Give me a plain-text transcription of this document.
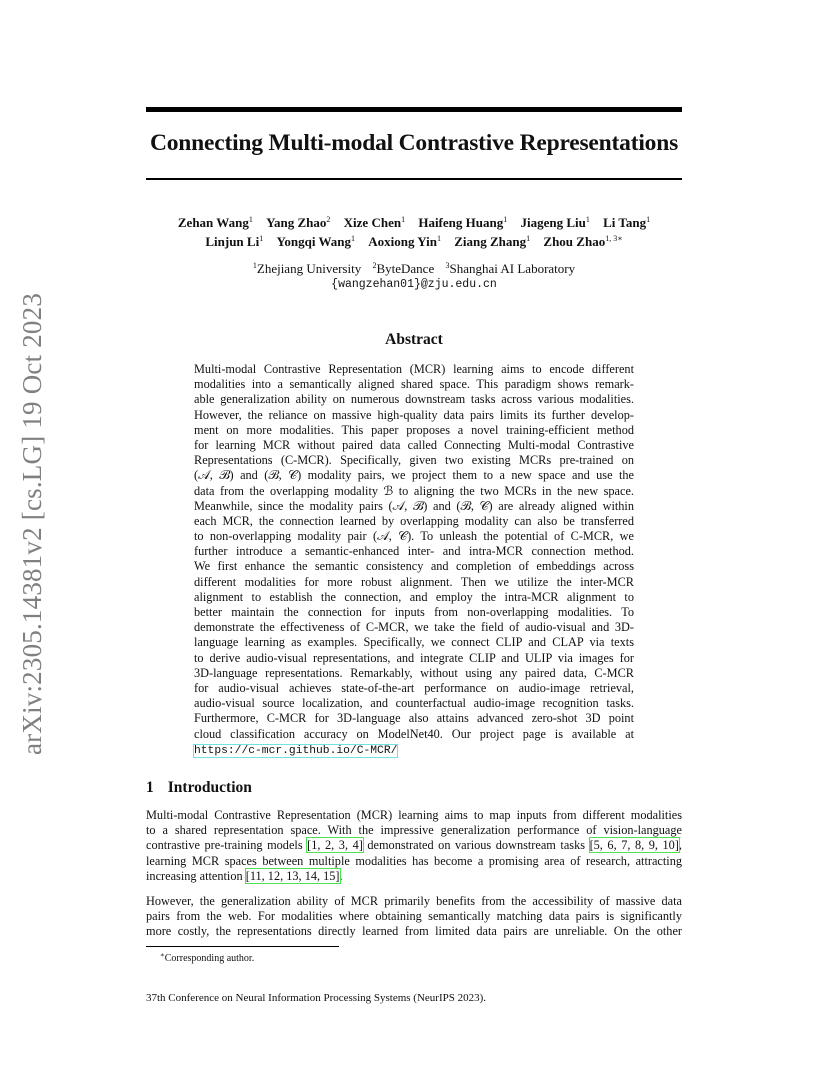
arXiv:2305.14381v2 [cs.LG] 19 Oct 2023
Connecting Multi-modal Contrastive Representations
Zehan Wang$^1$ Yang Zhao$^2$ Xize Chen$^1$ Haifeng Huang$^1$ Jiageng Liu$^1$ Li Tang$^1$
Linjun Li$^1$ Yongqi Wang$^1$ Aoxiong Yin$^1$ Ziang Zhang$^1$ Zhou Zhao$^{1, 3∗}$
$^1$Zhejiang University $^2$ByteDance $^3$Shanghai AI Laboratory
{wangzehan01}@zju.edu.cn
Abstract
Multi-modal Contrastive Representation (MCR) learning aims to encode different
modalities into a semantically aligned shared space. This paradigm shows remark-
able generalization ability on numerous downstream tasks across various modalities.
However, the reliance on massive high-quality data pairs limits its further develop-
ment on more modalities. This paper proposes a novel training-efficient method
for learning MCR without paired data called Connecting Multi-modal Contrastive
Representations (C-MCR). Specifically, given two existing MCRs pre-trained on
(𝒜, ℬ) and (ℬ, 𝒞) modality pairs, we project them to a new space and use the
data from the overlapping modality ℬ to aligning the two MCRs in the new space.
Meanwhile, since the modality pairs (𝒜, ℬ) and (ℬ, 𝒞) are already aligned within
each MCR, the connection learned by overlapping modality can also be transferred
to non-overlapping modality pair (𝒜, 𝒞). To unleash the potential of C-MCR, we
further introduce a semantic-enhanced inter- and intra-MCR connection method.
We first enhance the semantic consistency and completion of embeddings across
different modalities for more robust alignment. Then we utilize the inter-MCR
alignment to establish the connection, and employ the intra-MCR alignment to
better maintain the connection for inputs from non-overlapping modalities. To
demonstrate the effectiveness of C-MCR, we take the field of audio-visual and 3D-
language learning as examples. Specifically, we connect CLIP and CLAP via texts
to derive audio-visual representations, and integrate CLIP and ULIP via images for
3D-language representations. Remarkably, without using any paired data, C-MCR
for audio-visual achieves state-of-the-art performance on audio-image retrieval,
audio-visual source localization, and counterfactual audio-image recognition tasks.
Furthermore, C-MCR for 3D-language also attains advanced zero-shot 3D point
cloud classification accuracy on ModelNet40. Our project page is available at
https://c-mcr.github.io/C-MCR/
1 Introduction
Multi-modal Contrastive Representation (MCR) learning aims to map inputs from different modalities
to a shared representation space. With the impressive generalization performance of vision-language
contrastive pre-training models [1, 2, 3, 4] demonstrated on various downstream tasks [5, 6, 7, 8, 9, 10],
learning MCR spaces between multiple modalities has become a promising area of research, attracting
increasing attention [11, 12, 13, 14, 15].
However, the generalization ability of MCR primarily benefits from the accessibility of massive data
pairs from the web. For modalities where obtaining semantically matching data pairs is significantly
more costly, the representations directly learned from limited data pairs are unreliable. On the other
∗Corresponding author.
37th Conference on Neural Information Processing Systems (NeurIPS 2023).
